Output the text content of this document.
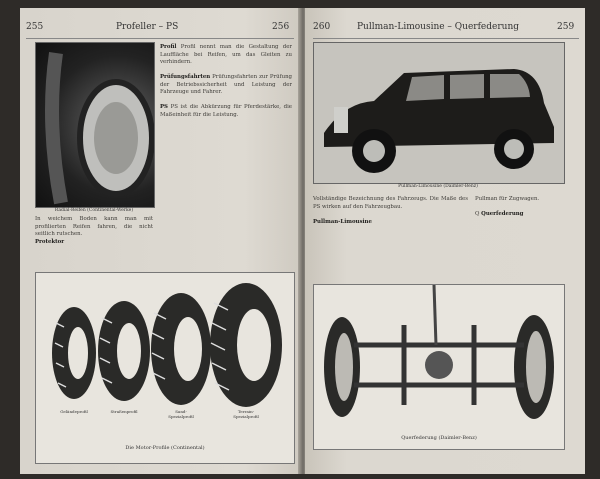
255	Profeller – PS	256
Radial-Reifen (Continental-Werke)
Profil Profil nennt man die Gestaltung der Lauffläche bei Reifen, um das Gleiten zu verhindern.

Prüfungsfahrten Prüfungsfahrten zur Prüfung der Betriebssicherheit und Leistung der Fahrzeuge und Fahrer.

PS PS ist die Abkürzung für Pferdestärke, die Maßeinheit für die Leistung.
In weichem Boden kann man mit profilierten Reifen fahren, die nicht seitlich rutschen.
Protektor
Geländeprofil	Straßenprofil	Sand-Spezialprofil
Terrain-Spezialprofil
Die Motor-Profile (Continental)
260	Pullman-Limousine – Querfederung	259
Pullman-Limousine (Daimler-Benz)
Vollständige Bezeichnung des Fahrzeugs. Die Maße des PS wirken auf den Fahrzeugbau.

Pullman-Limousine
Pullman für Zugwagen.

Q Querfederung
Querfederung (Daimler-Benz)
